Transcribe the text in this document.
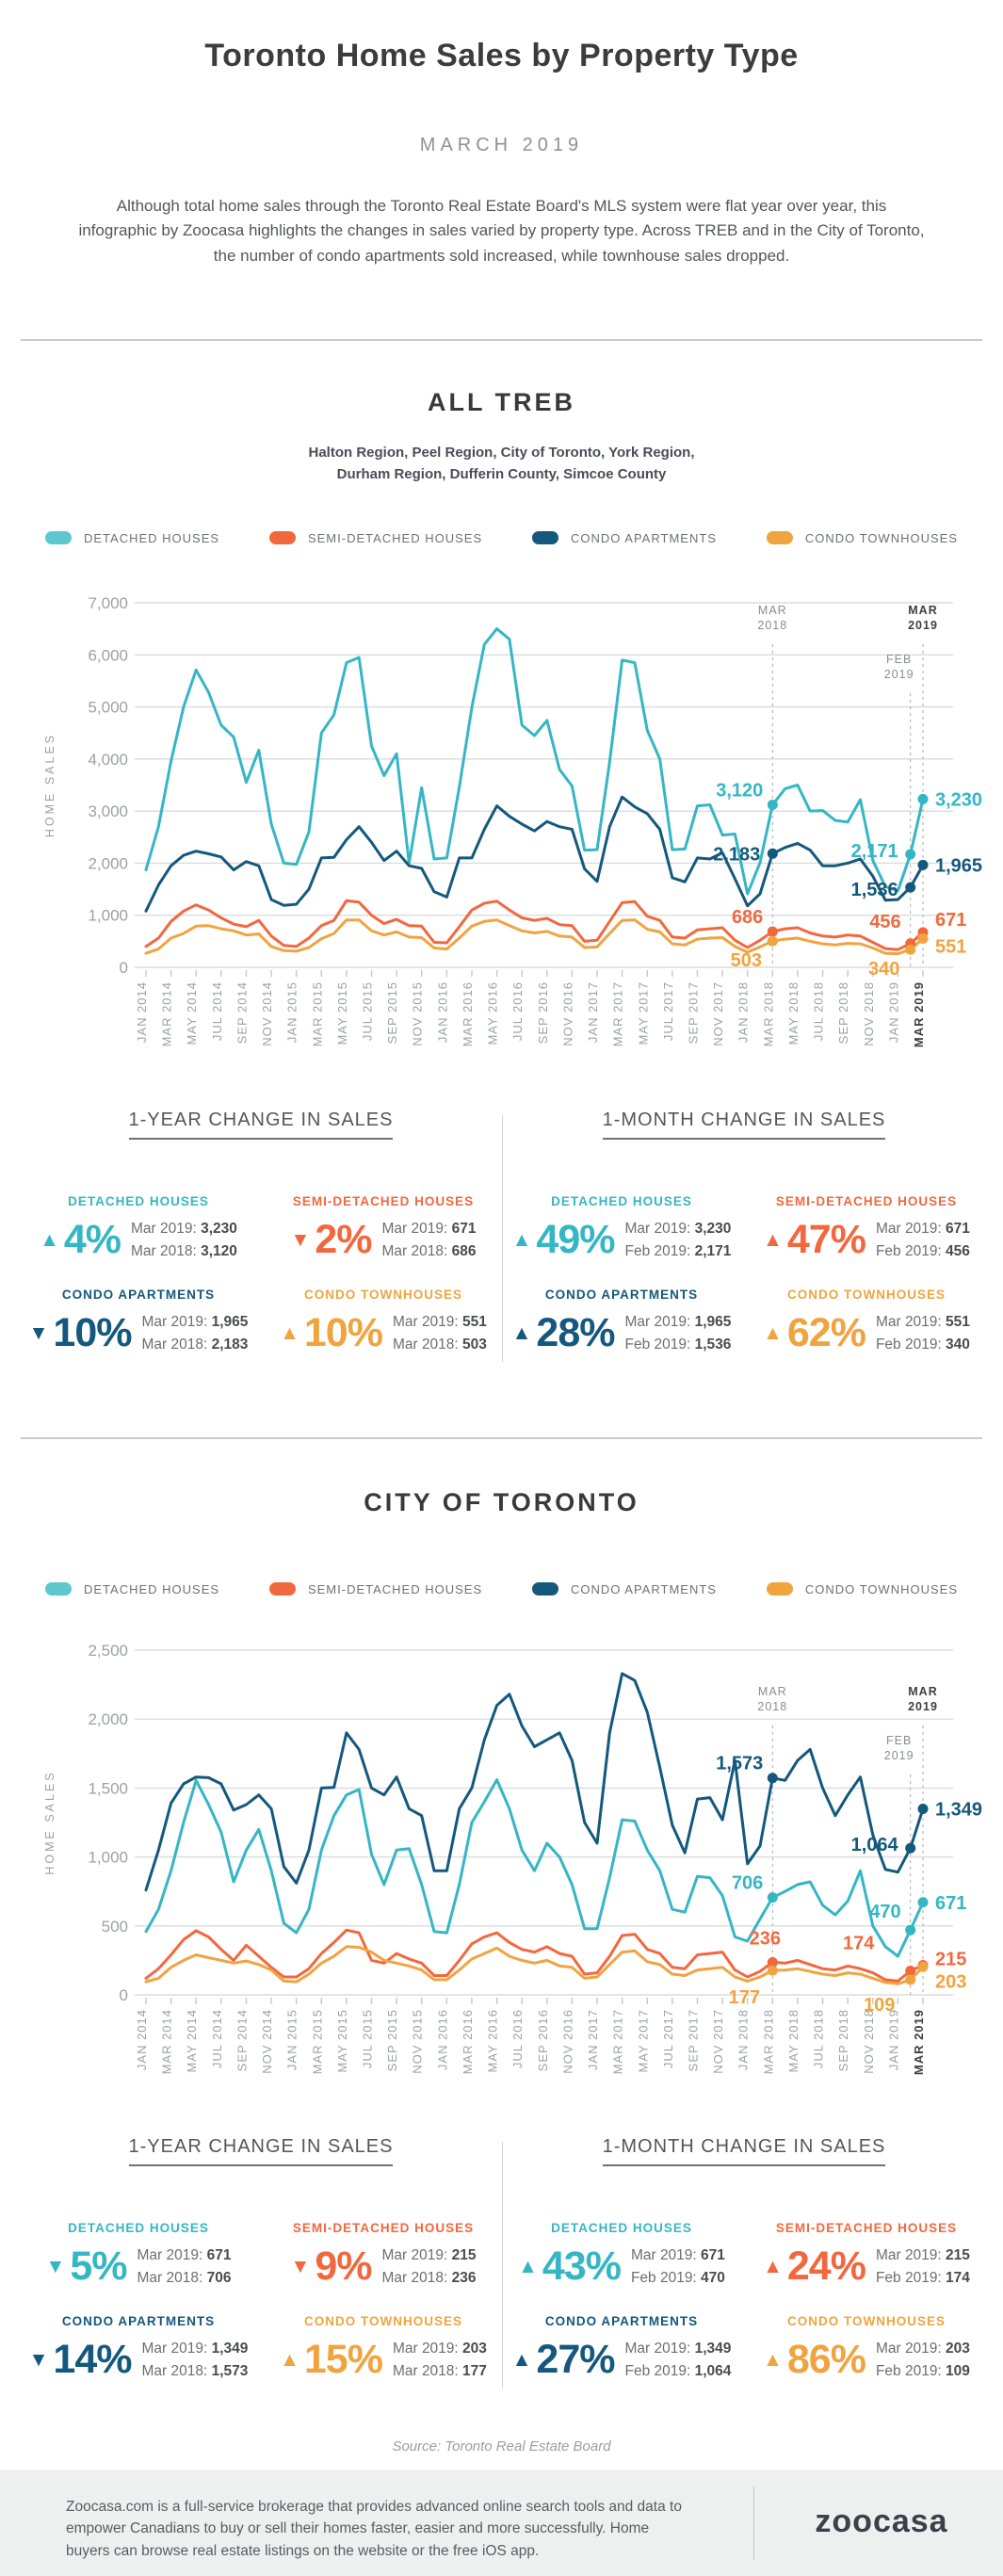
Toronto Home Sales by Property Type
MARCH 2019
Although total home sales through the Toronto Real Estate Board's MLS system were flat year over year, this infographic by Zoocasa highlights the changes in sales varied by property type. Across TREB and in the City of Toronto, the number of condo apartments sold increased, while townhouse sales dropped.
ALL TREB
Halton Region, Peel Region, City of Toronto, York Region,
Durham Region, Dufferin County, Simcoe County
DETACHED HOUSES	SEMI-DETACHED HOUSES	CONDO APARTMENTS	CONDO TOWNHOUSES
0
1,000
2,000
3,000
4,000
5,000
6,000
7,000
HOME SALES
JAN 2014 MAR 2014 MAY 2014 JUL 2014 SEP 2014 NOV 2014 JAN 2015 MAR 2015 MAY 2015 JUL 2015 SEP 2015 NOV 2015 JAN 2016 MAR 2016 MAY 2016 JUL 2016 SEP 2016 NOV 2016 JAN 2017 MAR 2017 MAY 2017 JUL 2017 SEP 2017 NOV 2017 JAN 2018 MAR 2018 MAY 2018 JUL 2018 SEP 2018 NOV 2018 JAN 2019 MAR 2019
MAR 2018
FEB 2019
MAR 2019
3,120
2,171
3,230
2,183
1,536
1,965
686	456 671
503	340
551
1-YEAR CHANGE IN SALES
DETACHED HOUSES
▲ 4% Mar 2019: 3,230
Mar 2018: 3,120
SEMI-DETACHED HOUSES
▼ 2% Mar 2019: 671
Mar 2018: 686
CONDO APARTMENTS
▼ 10% Mar 2019: 1,965
Mar 2018: 2,183
CONDO TOWNHOUSES
▲ 10% Mar 2019: 551
Mar 2018: 503
1-MONTH CHANGE IN SALES
DETACHED HOUSES
▲ 49% Mar 2019: 3,230
Feb 2019: 2,171
SEMI-DETACHED HOUSES
▲ 47% Mar 2019: 671
Feb 2019: 456
CONDO APARTMENTS
▲ 28% Mar 2019: 1,965
Feb 2019: 1,536
CONDO TOWNHOUSES
▲ 62% Mar 2019: 551
Feb 2019: 340
CITY OF TORONTO
DETACHED HOUSES	SEMI-DETACHED HOUSES	CONDO APARTMENTS	CONDO TOWNHOUSES
0
500
1,000
1,500
2,000
2,500
HOME SALES
JAN 2014 MAR 2014 MAY 2014 JUL 2014 SEP 2014 NOV 2014 JAN 2015 MAR 2015 MAY 2015 JUL 2015 SEP 2015 NOV 2015 JAN 2016 MAR 2016 MAY 2016 JUL 2016 SEP 2016 NOV 2016 JAN 2017 MAR 2017 MAY 2017 JUL 2017 SEP 2017 NOV 2017 JAN 2018 MAR 2018 MAY 2018 JUL 2018 SEP 2018 NOV 2018 JAN 2019 MAR 2019
MAR 2018
FEB 2019
MAR 2019
1,573
1,064
1,349
706
470 671
236	174
215
177	109
203
1-YEAR CHANGE IN SALES
DETACHED HOUSES
▼ 5% Mar 2019: 671
Mar 2018: 706
SEMI-DETACHED HOUSES
▼ 9% Mar 2019: 215
Mar 2018: 236
CONDO APARTMENTS
▼ 14% Mar 2019: 1,349
Mar 2018: 1,573
CONDO TOWNHOUSES
▲ 15% Mar 2019: 203
Mar 2018: 177
1-MONTH CHANGE IN SALES
DETACHED HOUSES
▲ 43% Mar 2019: 671
Feb 2019: 470
SEMI-DETACHED HOUSES
▲ 24% Mar 2019: 215
Feb 2019: 174
CONDO APARTMENTS
▲ 27% Mar 2019: 1,349
Feb 2019: 1,064
CONDO TOWNHOUSES
▲ 86% Mar 2019: 203
Feb 2019: 109
Source: Toronto Real Estate Board
Zoocasa.com is a full-service brokerage that provides advanced online search tools and data to empower Canadians to buy or sell their homes faster, easier and more successfully. Home buyers can browse real estate listings on the website or the free iOS app.
zoocasa
